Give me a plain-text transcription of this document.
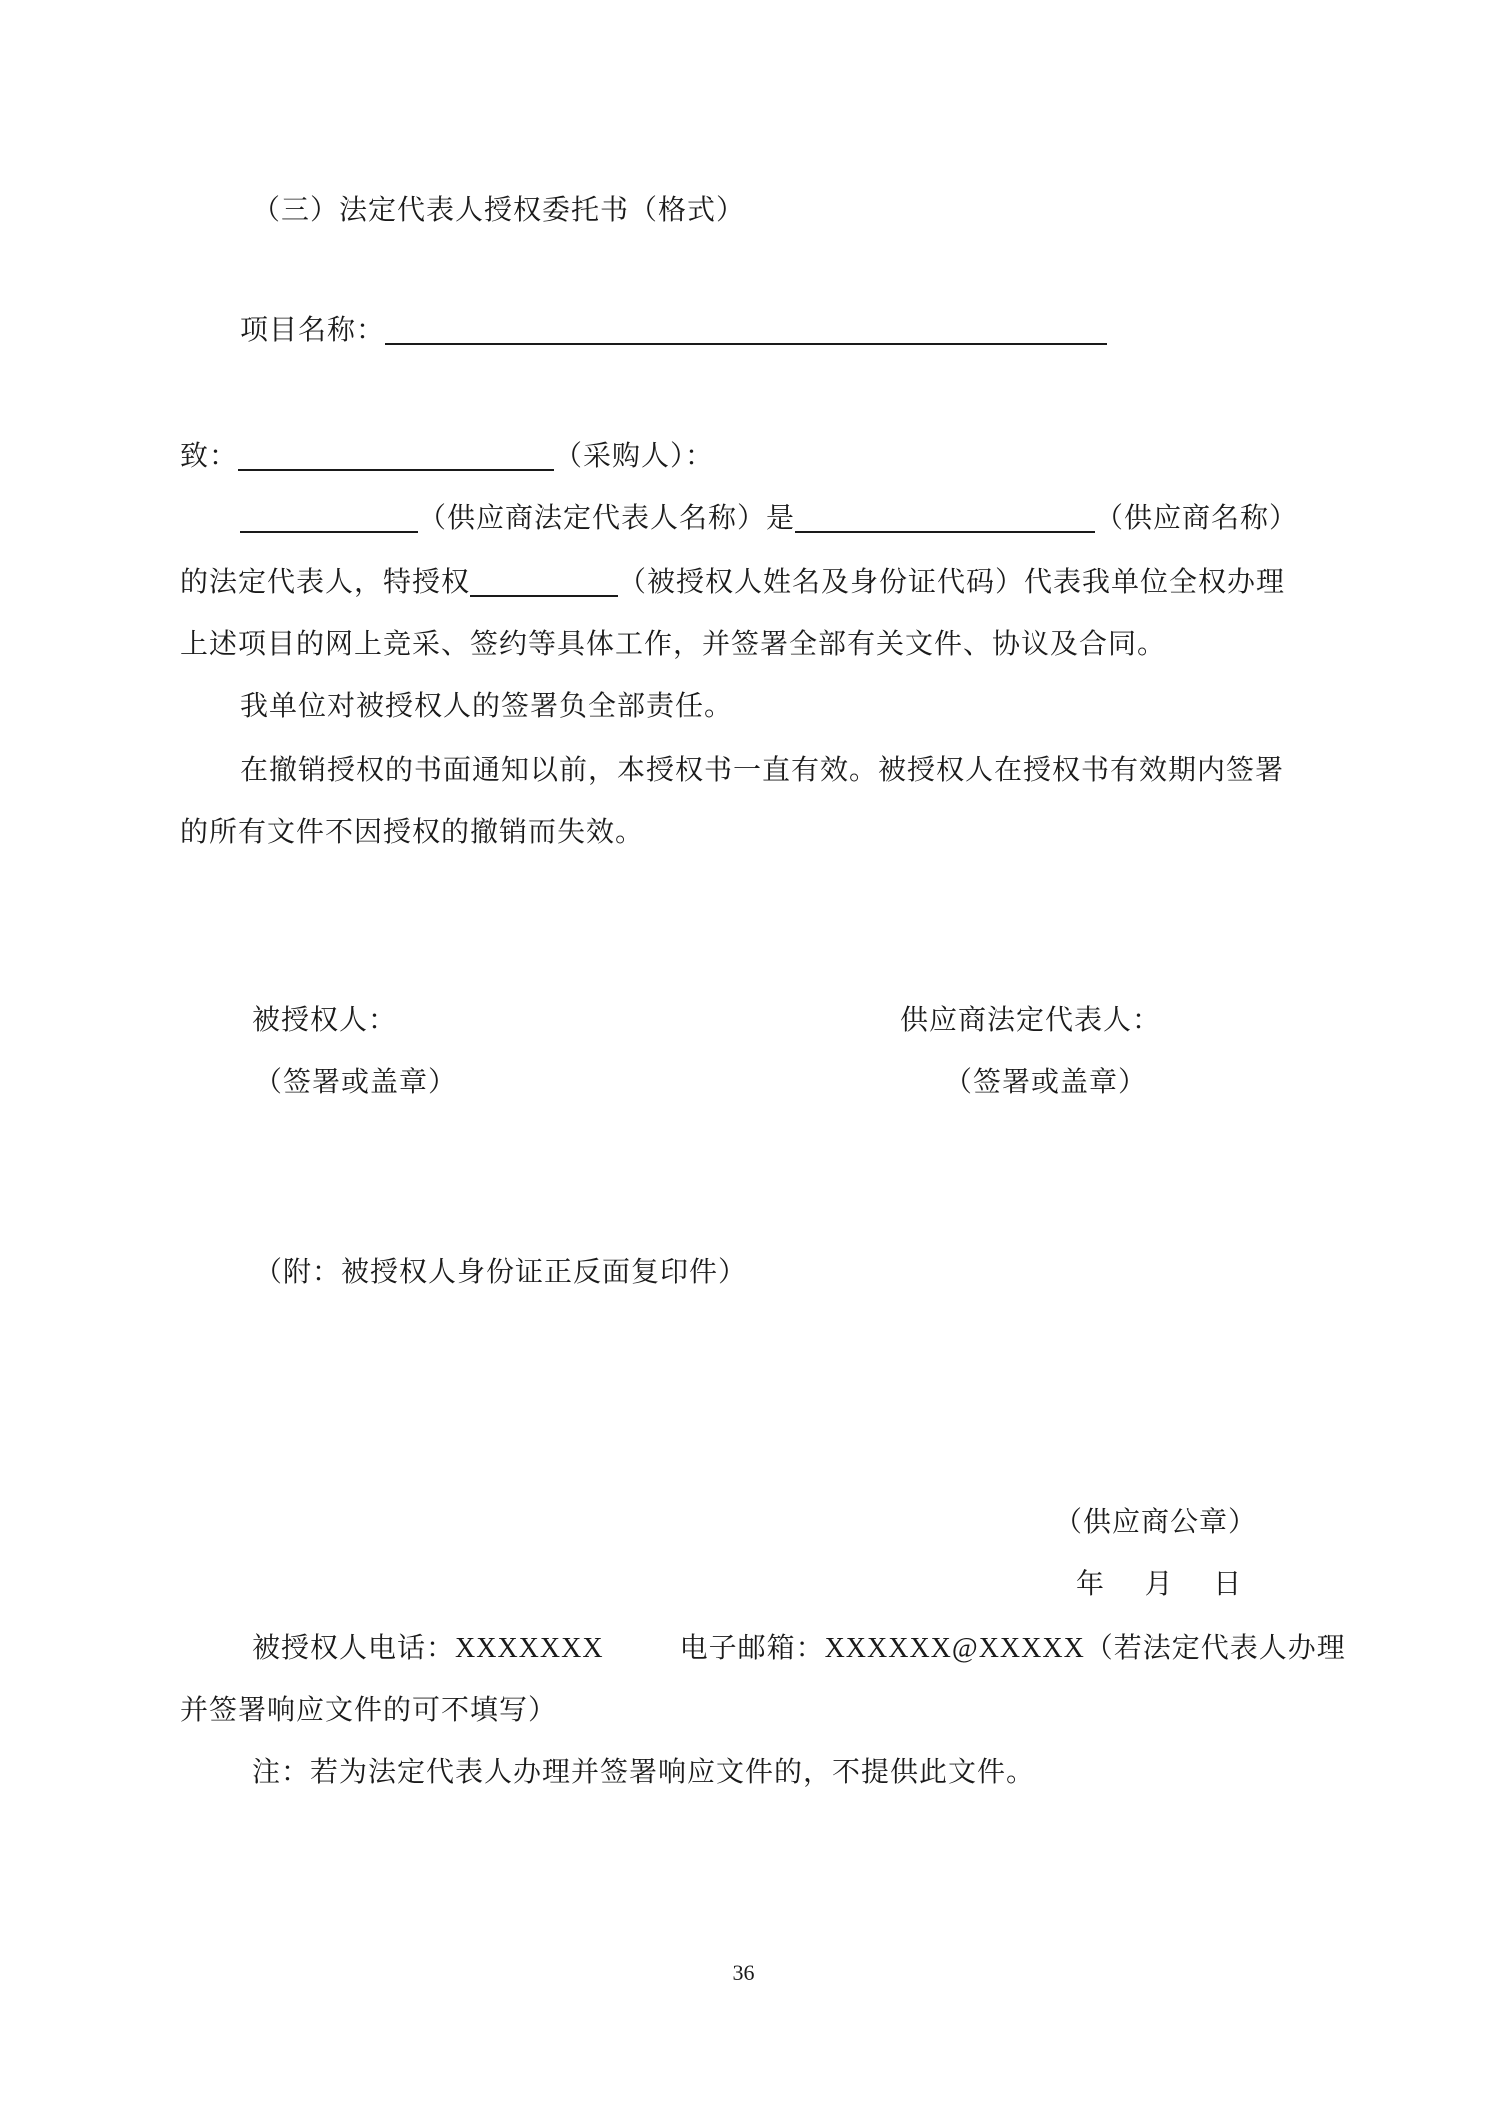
（三）法定代表人授权委托书（格式）
项目名称：
致：	（采购人）：
（供应商法定代表人名称）是	（供应商名称）
的法定代表人，特授权	（被授权人姓名及身份证代码）代表我单位全权办理
上述项目的网上竞采、签约等具体工作，并签署全部有关文件、协议及合同。
我单位对被授权人的签署负全部责任。
在撤销授权的书面通知以前，本授权书一直有效。被授权人在授权书有效期内签署
的所有文件不因授权的撤销而失效。
被授权人：
（签署或盖章）
供应商法定代表人：
（签署或盖章）
（附：被授权人身份证正反面复印件）
（供应商公章）
年    月    日
被授权人电话：XXXXXXX	电子邮箱：XXXXXX@XXXXX（若法定代表人办理
并签署响应文件的可不填写）
注：若为法定代表人办理并签署响应文件的，不提供此文件。
36
